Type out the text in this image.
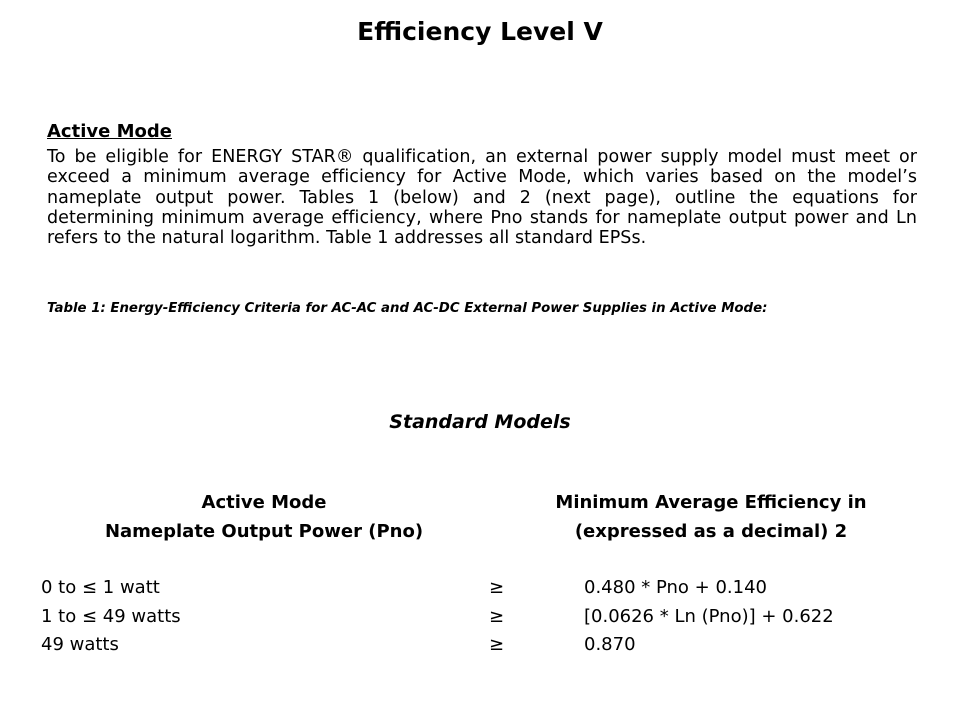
Efficiency Level V
Active Mode
To be eligible for ENERGY STAR® qualification, an external power supply model must meet or exceed a minimum average efficiency for Active Mode, which varies based on the model’s nameplate output power. Tables 1 (below) and 2 (next page), outline the equations for determining minimum average efficiency, where Pno stands for nameplate output power and Ln refers to the natural logarithm. Table 1 addresses all standard EPSs.
Table 1: Energy-Efficiency Criteria for AC-AC and AC-DC External Power Supplies in Active Mode:
Standard Models
Active Mode
Nameplate Output Power (Pno)
Minimum Average Efficiency in
(expressed as a decimal) 2
0 to ≤ 1 watt	≥	0.480 * Pno + 0.140
1 to ≤ 49 watts	≥	[0.0626 * Ln (Pno)] + 0.622
49 watts	≥	0.870
